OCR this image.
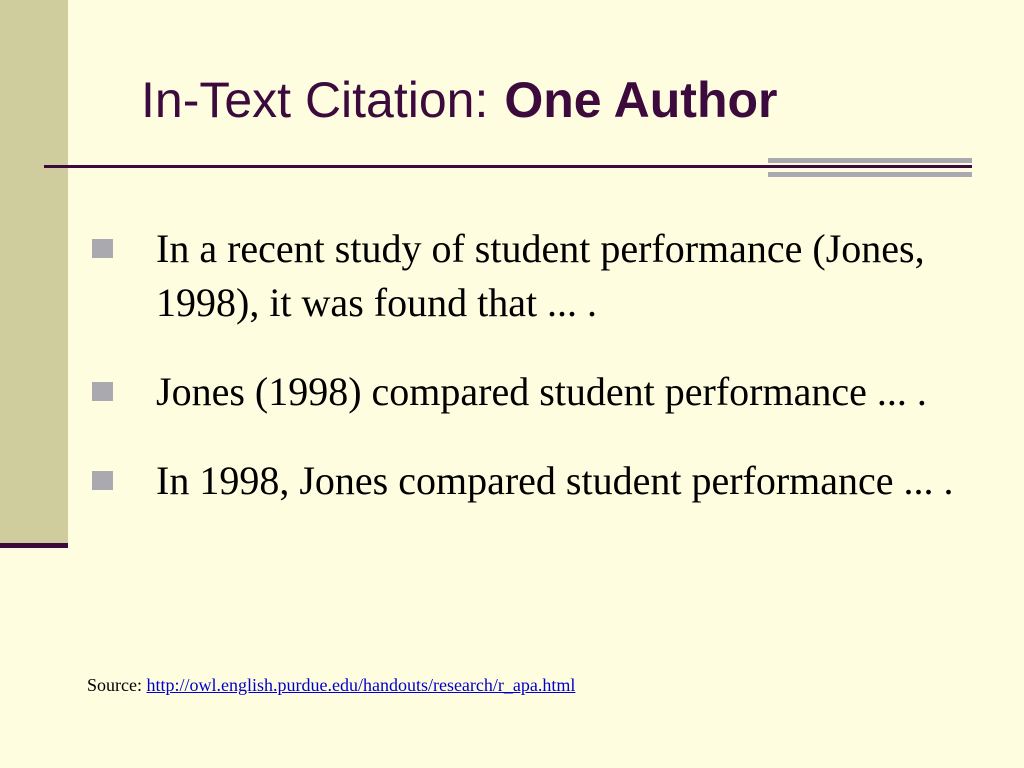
In-Text Citation: One Author
In a recent study of student performance (Jones, 1998), it was found that ... .
Jones (1998) compared student performance ... .
In 1998, Jones compared student performance ... .
Source: http://owl.english.purdue.edu/handouts/research/r_apa.html
